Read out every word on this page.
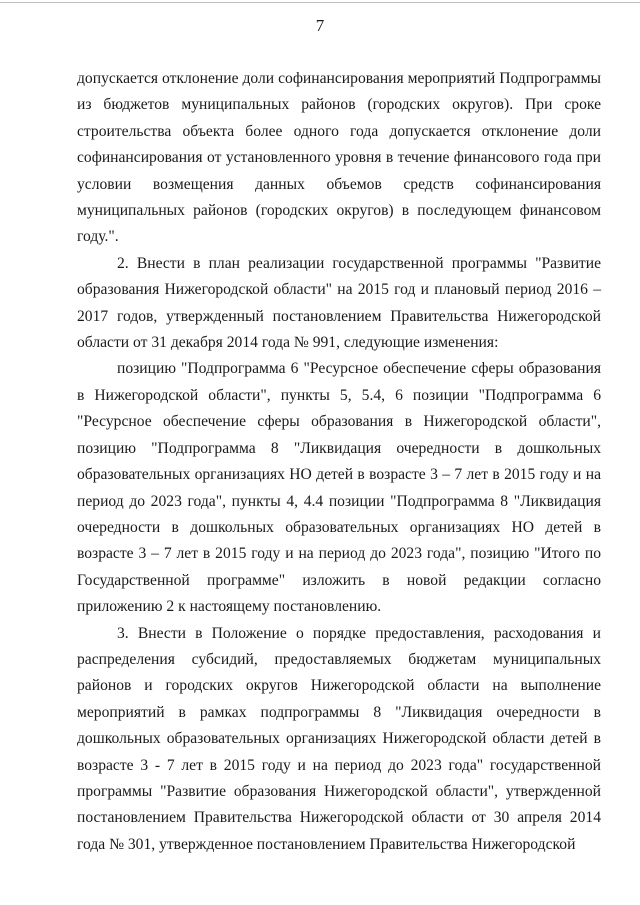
7

допускается отклонение доли софинансирования мероприятий Подпрограммы из бюджетов муниципальных районов (городских округов). При сроке строительства объекта более одного года допускается отклонение доли софинансирования от установленного уровня в течение финансового года при условии возмещения данных объемов средств софинансирования муниципальных районов (городских округов) в последующем финансовом году.".

2. Внести в план реализации государственной программы "Развитие образования Нижегородской области" на 2015 год и плановый период 2016 – 2017 годов, утвержденный постановлением Правительства Нижегородской области от 31 декабря 2014 года № 991, следующие изменения:

позицию "Подпрограмма 6 "Ресурсное обеспечение сферы образования в Нижегородской области", пункты 5, 5.4, 6 позиции "Подпрограмма 6 "Ресурсное обеспечение сферы образования в Нижегородской области", позицию "Подпрограмма 8 "Ликвидация очередности в дошкольных образовательных организациях НО детей в возрасте 3 – 7 лет в 2015 году и на период до 2023 года", пункты 4, 4.4 позиции "Подпрограмма 8 "Ликвидация очередности в дошкольных образовательных организациях НО детей в возрасте 3 – 7 лет в 2015 году и на период до 2023 года", позицию "Итого по Государственной программе" изложить в новой редакции согласно приложению 2 к настоящему постановлению.

3. Внести в Положение о порядке предоставления, расходования и распределения субсидий, предоставляемых бюджетам муниципальных районов и городских округов Нижегородской области на выполнение мероприятий в рамках подпрограммы 8 "Ликвидация очередности в дошкольных образовательных организациях Нижегородской области детей в возрасте 3 - 7 лет в 2015 году и на период до 2023 года" государственной программы "Развитие образования Нижегородской области", утвержденной постановлением Правительства Нижегородской области от 30 апреля 2014 года № 301, утвержденное постановлением Правительства Нижегородской
